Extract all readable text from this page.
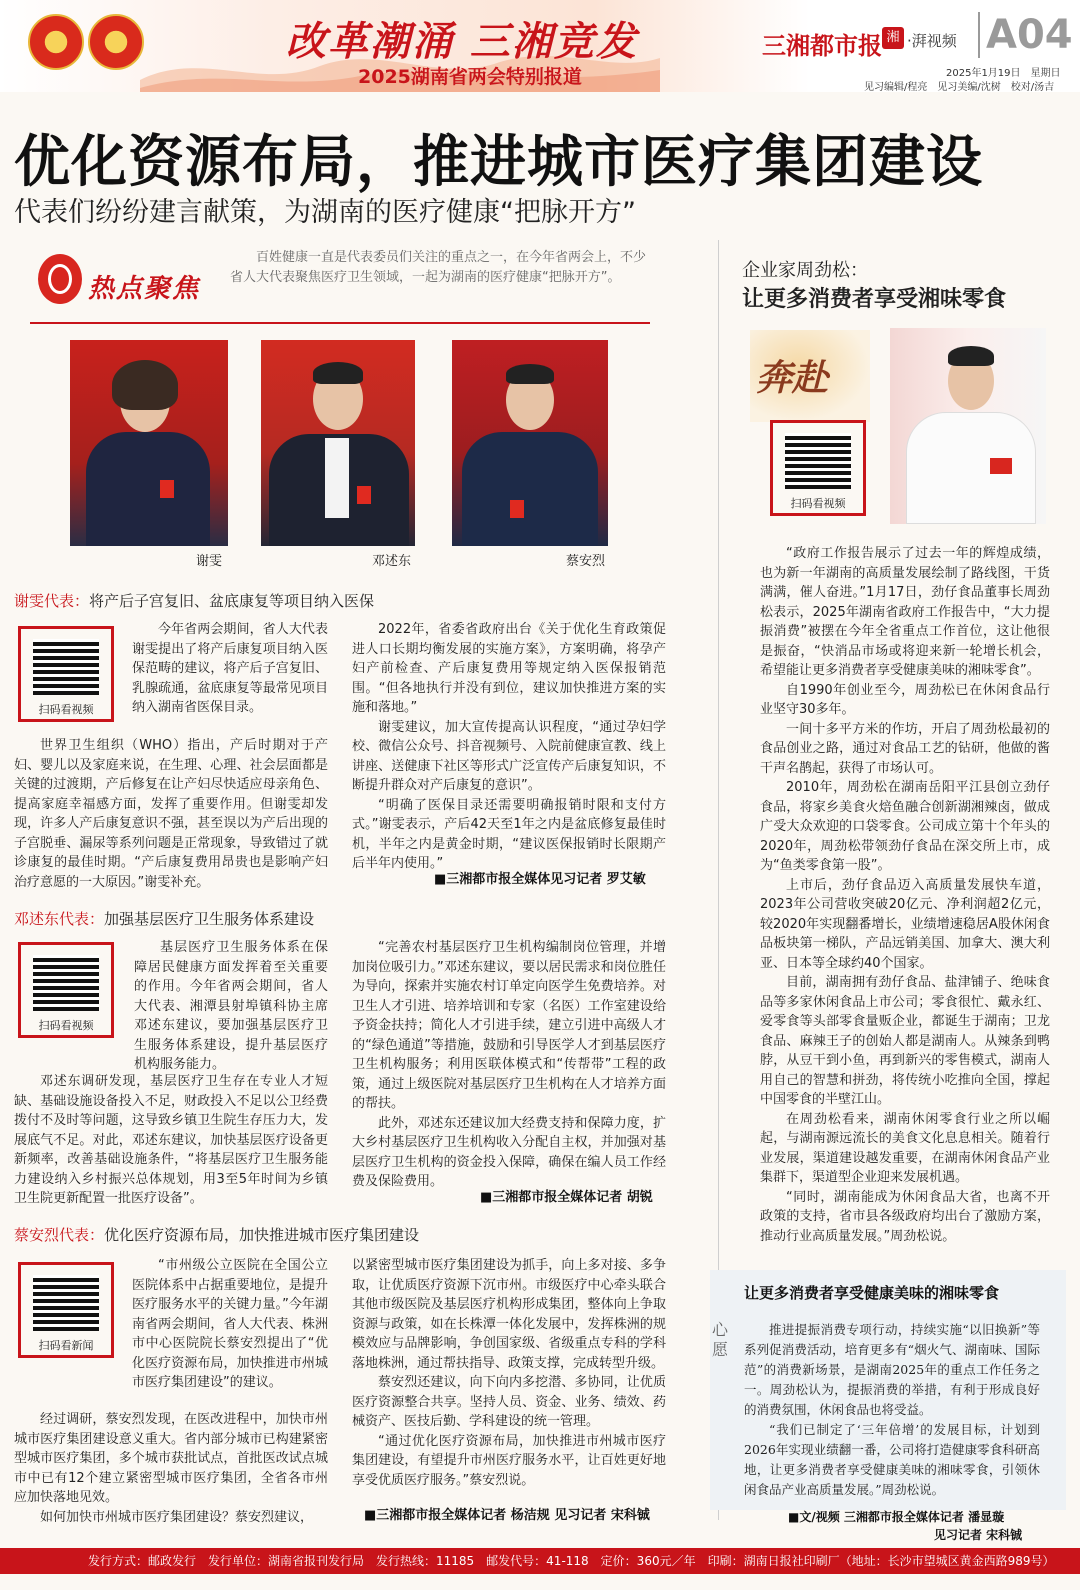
改革潮涌 三湘竞发
2025湖南省两会特别报道
三湘都市报 湘 ·湃视频 A04
2025年1月19日　星期日
见习编辑/程亮　见习美编/沈树　校对/汤吉
优化资源布局，推进城市医疗集团建设
代表们纷纷建言献策，为湖南的医疗健康“把脉开方”
热点聚焦
百姓健康一直是代表委员们关注的重点之一，在今年省两会上，不少省人大代表聚焦医疗卫生领域，一起为湖南的医疗健康“把脉开方”。
谢雯	邓述东	蔡安烈
谢雯代表：将产后子宫复旧、盆底康复等项目纳入医保
扫码看视频

今年省两会期间，省人大代表谢雯提出了将产后康复项目纳入医保范畴的建议，将产后子宫复旧、乳腺疏通，盆底康复等最常见项目纳入湖南省医保目录。

世界卫生组织（WHO）指出，产后时期对于产妇、婴儿以及家庭来说，在生理、心理、社会层面都是关键的过渡期，产后修复在让产妇尽快适应母亲角色、提高家庭幸福感方面，发挥了重要作用。但谢雯却发现，许多人产后康复意识不强，甚至误以为产后出现的子宫脱垂、漏尿等系列问题是正常现象，导致错过了就诊康复的最佳时期。“产后康复费用昂贵也是影响产妇治疗意愿的一大原因。”谢雯补充。

2022年，省委省政府出台《关于优化生育政策促进人口长期均衡发展的实施方案》，方案明确，将孕产妇产前检查、产后康复费用等规定纳入医保报销范围。“但各地执行并没有到位，建议加快推进方案的实施和落地。”

谢雯建议，加大宣传提高认识程度，“通过孕妇学校、微信公众号、抖音视频号、入院前健康宣教、线上讲座、送健康下社区等形式广泛宣传产后康复知识，不断提升群众对产后康复的意识”。

“明确了医保目录还需要明确报销时限和支付方式。”谢雯表示，产后42天至1年之内是盆底修复最佳时机，半年之内是黄金时期，“建议医保报销时长限期产后半年内使用。”

■三湘都市报全媒体见习记者 罗艾敏
邓述东代表：加强基层医疗卫生服务体系建设
扫码看视频

基层医疗卫生服务体系在保障居民健康方面发挥着至关重要的作用。今年省两会期间，省人大代表、湘潭县射埠镇科协主席邓述东建议，要加强基层医疗卫生服务体系建设，提升基层医疗机构服务能力。

邓述东调研发现，基层医疗卫生存在专业人才短缺、基础设施设备投入不足，财政投入不足以公卫经费拨付不及时等问题，这导致乡镇卫生院生存压力大，发展底气不足。对此，邓述东建议，加快基层医疗设备更新频率，改善基础设施条件，“将基层医疗卫生服务能力建设纳入乡村振兴总体规划，用3至5年时间为乡镇卫生院更新配置一批医疗设备”。

“完善农村基层医疗卫生机构编制岗位管理，并增加岗位吸引力。”邓述东建议，要以居民需求和岗位胜任为导向，探索并实施农村订单定向医学生免费培养。对卫生人才引进、培养培训和专家（名医）工作室建设给予资金扶持；简化人才引进手续，建立引进中高级人才的“绿色通道”等措施，鼓励和引导医学人才到基层医疗卫生机构服务；利用医联体模式和“传帮带”工程的政策，通过上级医院对基层医疗卫生机构在人才培养方面的帮扶。

此外，邓述东还建议加大经费支持和保障力度，扩大乡村基层医疗卫生机构收入分配自主权，并加强对基层医疗卫生机构的资金投入保障，确保在编人员工作经费及保险费用。

■三湘都市报全媒体记者 胡锐
蔡安烈代表：优化医疗资源布局，加快推进城市医疗集团建设
扫码看新闻

“市州级公立医院在全国公立医院体系中占据重要地位，是提升医疗服务水平的关键力量。”今年湖南省两会期间，省人大代表、株洲市中心医院院长蔡安烈提出了“优化医疗资源布局，加快推进市州城市医疗集团建设”的建议。

经过调研，蔡安烈发现，在医改进程中，加快市州城市医疗集团建设意义重大。省内部分城市已构建紧密型城市医疗集团，多个城市获批试点，首批医改试点城市中已有12个建立紧密型城市医疗集团，全省各市州应加快落地见效。

如何加快市州城市医疗集团建设？蔡安烈建议，

以紧密型城市医疗集团建设为抓手，向上多对接、多争取，让优质医疗资源下沉市州。市级医疗中心牵头联合其他市级医院及基层医疗机构形成集团，整体向上争取资源与政策，如在长株潭一体化发展中，发挥株洲的规模效应与品牌影响，争创国家级、省级重点专科的学科落地株洲，通过帮扶指导、政策支撑，完成转型升级。

蔡安烈还建议，向下向内多挖潜、多协同，让优质医疗资源整合共享。坚持人员、资金、业务、绩效、药械资产、医技后勤、学科建设的统一管理。

“通过优化医疗资源布局，加快推进市州城市医疗集团建设，有望提升市州医疗服务水平，让百姓更好地享受优质医疗服务。”蔡安烈说。

■三湘都市报全媒体记者 杨洁规 见习记者 宋科铖
企业家周劲松：
让更多消费者享受湘味零食
奔赴
扫码看视频

“政府工作报告展示了过去一年的辉煌成绩，也为新一年湖南的高质量发展绘制了路线图，干货满满，催人奋进。”1月17日，劲仔食品董事长周劲松表示，2025年湖南省政府工作报告中，“大力提振消费”被摆在今年全省重点工作首位，这让他很是振奋，“快消品市场或将迎来新一轮增长机会，希望能让更多消费者享受健康美味的湘味零食”。

自1990年创业至今，周劲松已在休闲食品行业坚守30多年。

一间十多平方米的作坊，开启了周劲松最初的食品创业之路，通过对食品工艺的钻研，他做的酱干声名鹊起，获得了市场认可。

2010年，周劲松在湖南岳阳平江县创立劲仔食品，将家乡美食火焙鱼融合创新湖湘辣卤，做成广受大众欢迎的口袋零食。公司成立第十个年头的2020年，周劲松带领劲仔食品在深交所上市，成为“鱼类零食第一股”。

上市后，劲仔食品迈入高质量发展快车道，2023年公司营收突破20亿元、净利润超2亿元，较2020年实现翻番增长，业绩增速稳居A股休闲食品板块第一梯队，产品远销美国、加拿大、澳大利亚、日本等全球约40个国家。

目前，湖南拥有劲仔食品、盐津铺子、绝味食品等多家休闲食品上市公司；零食很忙、戴永红、爱零食等头部零食量贩企业，都诞生于湖南；卫龙食品、麻辣王子的创始人都是湖南人。从辣条到鸭脖，从豆干到小鱼，再到新兴的零售模式，湖南人用自己的智慧和拼劲，将传统小吃推向全国，撑起中国零食的半壁江山。

在周劲松看来，湖南休闲零食行业之所以崛起，与湖南源远流长的美食文化息息相关。随着行业发展，渠道建设越发重要，在湖南休闲食品产业集群下，渠道型企业迎来发展机遇。

“同时，湖南能成为休闲食品大省，也离不开政策的支持，省市县各级政府均出台了激励方案，推动行业高质量发展。”周劲松说。

让更多消费者享受健康美味的湘味零食
心愿

推进提振消费专项行动，持续实施“以旧换新”等系列促消费活动，培育更多有“烟火气、湖南味、国际范”的消费新场景，是湖南2025年的重点工作任务之一。周劲松认为，提振消费的举措，有利于形成良好的消费氛围，休闲食品也将受益。

“我们已制定了‘三年倍增’的发展目标，计划到2026年实现业绩翻一番，公司将打造健康零食科研高地，让更多消费者享受健康美味的湘味零食，引领休闲食品产业高质量发展。”周劲松说。

■文/视频 三湘都市报全媒体记者 潘显璇
见习记者 宋科铖
发行方式：邮政发行　发行单位：湖南省报刊发行局　发行热线：11185　邮发代号：41-118　定价：360元／年　印刷：湖南日报社印刷厂（地址：长沙市望城区黄金西路989号）
